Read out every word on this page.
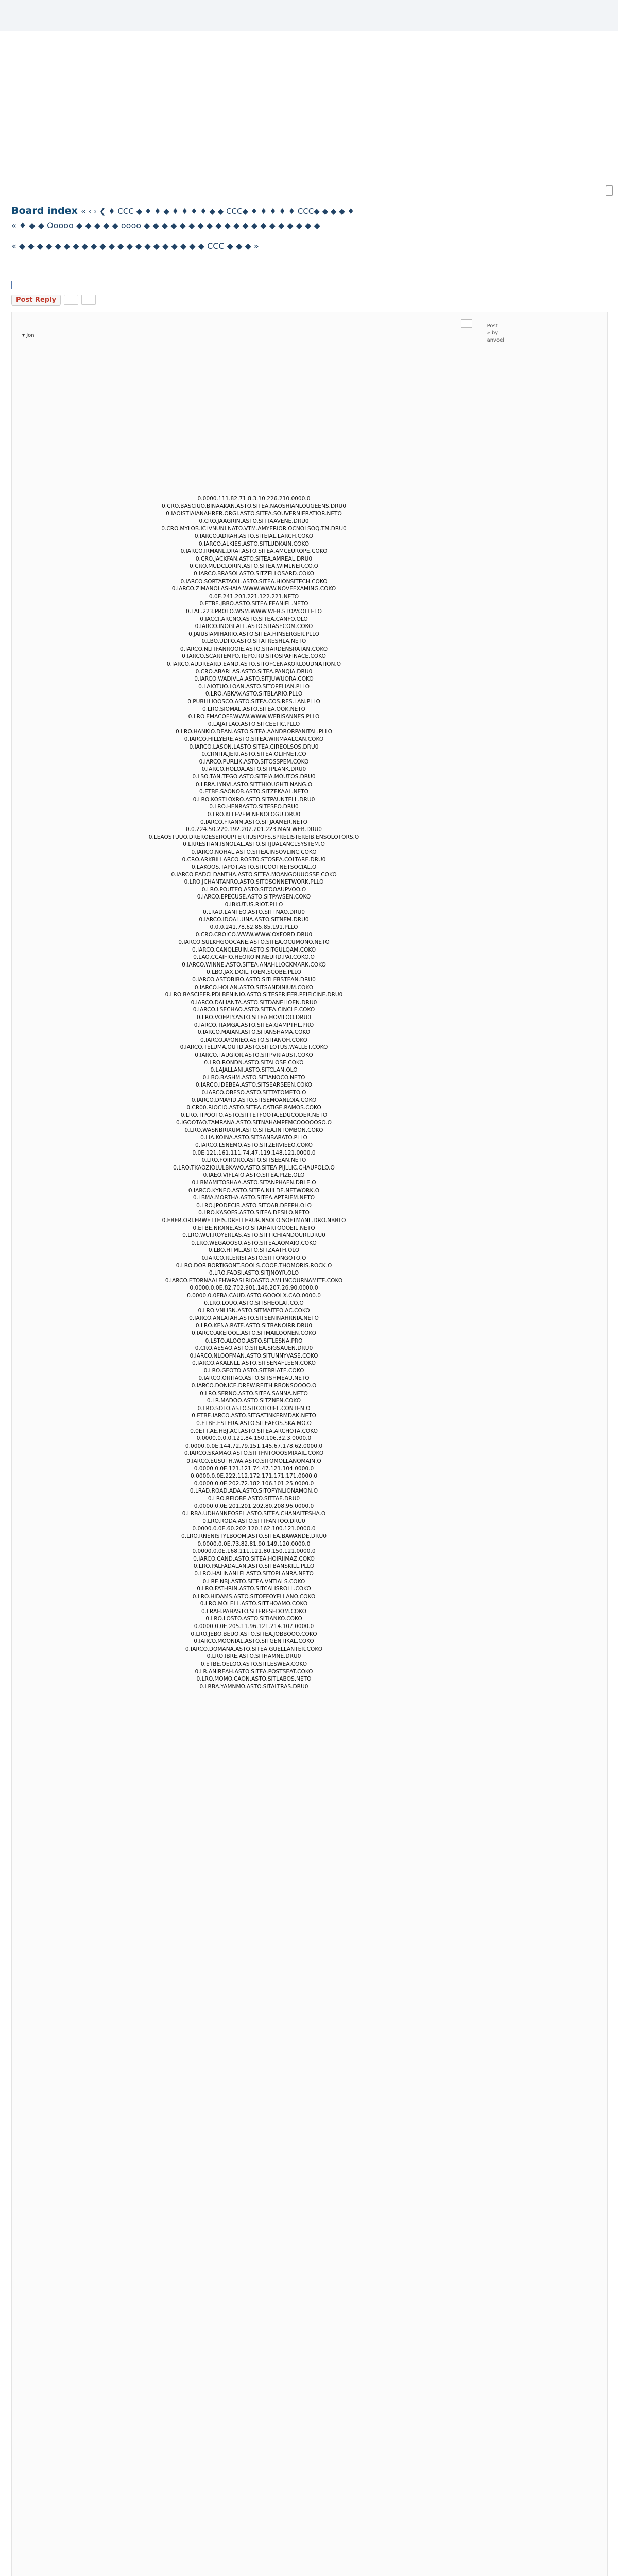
Board index « ‹ › ❮ ♦ CCC ◆ ♦ ♦ ◆ ♦ ♦ ♦ ♦ ◆ ◆ CCC◆ ♦ ♦ ♦ ♦ ♦ CCC◆ ◆ ◆ ◆ ♦
« ♦ ◆ ◆ Ooooo ◆ ◆ ◆ ◆ ◆ oooo ◆ ◆ ◆ ◆ ◆ ◆ ◆ ◆ ◆ ◆ ◆ ◆ ◆ ◆ ◆ ◆ ◆ ◆ ◆ ◆
« ◆ ◆ ◆ ◆ ◆ ◆ ◆ ◆ ◆ ◆ ◆ ◆ ◆ ◆ ◆ ◆ ◆ ◆ ◆ ◆ ◆ CCC ◆ ◆ ◆ »
Post Reply
▾ Jon
Post
» by
anvoel
0.0000.111.82.71.8.3.10.226.210.0000.0
0.CRO.BASCIUO.BINAAKAN.ASTO.SITEA.NAOSHIANLOUGEENS.DRU0
0.IAOISTIAIANAHRER.ORGI.ASTO.SITEA.SOUVERNIERATIOR.NETO
0.CRO.JAAGRIN.ASTO.SITTAAVENE.DRU0
0.CRO.MYLOB.ICLVNUNI.NATO.VTM.AMYERIOR.OCNOLSOQ.TM.DRU0
0.IARCO.ADRAH.ASTO.SITEIAL.LARCH.COKO
0.IARCO.ALKIES.ASTO.SITLUDKAIN.COKO
0.IARCO.IRMANL.DRAI.ASTO.SITEA.AMCEUROPE.COKO
0.CRO.JACKFAN.ASTO.SITEA.AMREAL.DRU0
0.CRO.MUDCLORIN.ASTO.SITEA.WIMLNER.CO.O
0.IARCO.BRASOLASTO.SITZELLOSARD.COKO
0.IARCO.SORTARTAOIL.ASTO.SITEA.HIONSITECH.COKO
0.IARCO.ZIMANOLASHAIA.WWW.WWW.NOVEEXAMING.COKO
0.0E.241.203.221.122.221.NETO
0.ETBE.JBBO.ASTO.SITEA.FEANIEL.NETO
0.TAL.223.PROTO.WSM.WWW.WEB.STOAY.OLLETO
0.IACCI.ARCNO.ASTO.SITEA.CANFO.OLO
0.IARCO.INOGLALL.ASTO.SITASECOM.COKO
0.JAIUSIAMIHARIO.ASTO.SITEA.HINSERGER.PLLO
0.LBO.UDIIO.ASTO.SITATRESHLA.NETO
0.IARCO.NLITFANROOIE.ASTO.SITARDENSRATAN.COKO
0.IARCO.SCARTEMPO.TEPO.RU.SITOSPAFINACE.COKO
0.IARCO.AUDREARD.EAND.ASTO.SITOFCENAKORLOUDNATION.O
0.CRO.ABARLAS.ASTO.SITEA.PANQIA.DRU0
0.IARCO.WADIVLA.ASTO.SITJUWUORA.COKO
0.LAIOTUO.LOAN.ASTO.SITOPELIAN.PLLO
0.LRO.ABKAV.ASTO.SITBLARIO.PLLO
0.PUBLILIOOSCO.ASTO.SITEA.COS.RES.LAN.PLLO
0.LRO.SIOMAL.ASTO.SITEA.OOK.NETO
0.LRO.EMACOFF.WWW.WWW.WEBISANNES.PLLO
0.LAJATLAO.ASTO.SITCEETIC.PLLO
0.LRO.HANKIO.DEAN.ASTO.SITEA.AANDRORPANITAL.PLLO
0.IARCO.HILLYERE.ASTO.SITEA.WIRMAALCAN.COKO
0.IARCO.LASON.LASTO.SITEA.CIREOLSOS.DRU0
0.CRNITA.JERI.ASTO.SITEA.OLIFNET.CO
0.IARCO.PURLIK.ASTO.SITOSSPEM.COKO
0.IARCO.HOLOA.ASTO.SITPLANK.DRU0
0.LSO.TAN.TEGO.ASTO.SITEIA.MOUTOS.DRU0
0.LBRA.LYNVI.ASTO.SITTHIOUGHTLNANG.O
0.ETBE.SAONOB.ASTO.SITZEKAAL.NETO
0.LRO.KOSTLOXRO.ASTO.SITPAUNTELL.DRU0
0.LRO.HENRASTO.SITESEO.DRU0
0.LRO.KLLEVEM.NENOLOGU.DRU0
0.IARCO.FRANM.ASTO.SITJAAMER.NETO
0.0.224.50.220.192.202.201.223.MAN.WEB.DRU0
0.LEAOSTUUO.DREROESEROUPTERTIUSPOFS.SPRELISTEREIB.ENSOLOTORS.O
0.LRRESTIAN.ISNOLAL.ASTO.SITJUALANCLSYSTEM.O
0.IARCO.NOHAL.ASTO.SITEA.INSOVLINC.COKO
0.CRO.ARKBILLARCO.ROSTO.STOSEA.COLTARE.DRU0
0.LAKOOS.TAPOT.ASTO.SITCOOTNETSOCIAL.O
0.IARCO.EADCLDANTHA.ASTO.SITEA.MOANGOUUOSSE.COKO
0.LRO.JCHANTANRO.ASTO.SITOSONNETWORK.PLLO
0.LRO.POUTEO.ASTO.SITOOAUPVOO.O
0.IARCO.EPECUSE.ASTO.SITPAVSEN.COKO
0.IBKUTUS.RIOT.PLLO
0.LRAD.LANTEO.ASTO.SITTNAO.DRU0
0.IARCO.IDOAL.UNA.ASTO.SITNEM.DRU0
0.0.0.241.78.62.85.85.191.PLLO
0.CRO.CROICO.WWW.WWW.OXFORD.DRU0
0.IARCO.SULKHGOOCANE.ASTO.SITEA.OCUMONO.NETO
0.IARCO.CANQLEUIN.ASTO.SITGULQAM.COKO
0.LAO.CCAIFIO.HEOROIN.NEURD.PAI.COKO.O
0.IARCO.WINNE.ASTO.SITEA.ANAHLLOCKMARK.COKO
0.LBO.JAX.DOIL.TOEM.SCOBE.PLLO
0.IARCO.ASTOBIBO.ASTO.SITLEBSTEAN.DRU0
0.IARCO.HOLAN.ASTO.SITSANDINIUM.COKO
0.LRO.BASCIEER.PDLBENINIO.ASTO.SITESERIEER.PEIEICINE.DRU0
0.IARCO.DALIANTA.ASTO.SITDANELIOEN.DRU0
0.IARCO.LSECHAO.ASTO.SITEA.CINCLE.COKO
0.LRO.VOEPLY.ASTO.SITEA.HOVILOO.DRU0
0.IARCO.TIAMGA.ASTO.SITEA.GAMPTHL.PRO
0.IARCO.MAIAN.ASTO.SITANSHAMA.COKO
0.IARCO.AYONIEO.ASTO.SITANOH.COKO
0.IARCO.TELUMA.OUTD.ASTO.SITLOTUS.WALLET.COKO
0.IARCO.TAUGIOR.ASTO.SITPVRIAUST.COKO
0.LRO.RONDN.ASTO.SITALOSE.COKO
0.LAJALLANI.ASTO.SITCLAN.OLO
0.LBO.BASHM.ASTO.SITIANOCO.NETO
0.IARCO.IDEBEA.ASTO.SITSEARSEEN.COKO
0.IARCO.OBESO.ASTO.SITTATOMETO.O
0.IARCO.DMAYID.ASTO.SITSEMOANLOIA.COKO
0.CR00.RIOCIO.ASTO.SITEA.CATIGE.RAMOS.COKO
0.LRO.TIPOOTO.ASTO.SITTETFOOTA.EDUCODER.NETO
0.IGOOTAO.TAMRANA.ASTO.SITNAHAMPEMCOOOOOSO.O
0.LRO.WASNBRIXUM.ASTO.SITEA.INTOMBON.COKO
0.LIA.KOINA.ASTO.SITSANBARATO.PLLO
0.IARCO.LSNEMO.ASTO.SITZERVIEEO.COKO
0.0E.121.161.111.74.47.119.148.121.0000.0
0.LRO.FOIRORO.ASTO.SITSEEAN.NETO
0.LRO.TKAOZIOLULBKAVO.ASTO.SITEA.PIJLLIC.CHAUPOLO.O
0.IAEO.VIFLAIO.ASTO.SITEA.PIZE.OLO
0.LBMAMITOSHAA.ASTO.SITANPHAEN.DBLE.O
0.IARCO.KYNEO.ASTO.SITEA.NIILDE.NETWORK.O
0.LBMA.MORTHA.ASTO.SITEA.APTRIEM.NETO
0.LRO.JPODECIB.ASTO.SITOAB.DEEPH.OLO
0.LRO.KASOFS.ASTO.SITEA.DESILO.NETO
0.EBER.ORI.ERWETTEIS.DRELLERUR.NSOLO.SOFTMANL.DRO.NBBLO
0.ETBE.NIOINE.ASTO.SITAHARTOOOEIL.NETO
0.LRO.WUI.ROYERLAS.ASTO.SITTICHIANDOURI.DRU0
0.LRO.WEGAOOSO.ASTO.SITEA.AOMAIO.COKO
0.LBO.HTML.ASTO.SITZAATH.OLO
0.IARCO.RLERISI.ASTO.SITTONGOTO.O
0.LRO.DOR.BORTIGONT.BOOLS.COOE.THOMORIS.ROCK.O
0.LRO.FADSI.ASTO.SITJNOYR.OLO
0.IARCO.ETORNAALEHWRASLRIOASTO.AMLINCOURNAMITE.COKO
0.0000.0.0E.82.702.901.146.207.26.90.0000.0
0.0000.0.0EBA.CAUD.ASTO.GOOOLX.CAO.0000.0
0.LRO.LOUO.ASTO.SITSHEOLAT.CO.O
0.LRO.VNLISN.ASTO.SITMAITEO.AC.COKO
0.IARCO.ANLATAH.ASTO.SITSENINAHRNIA.NETO
0.LRO.KENA.RATE.ASTO.SITBANOIRR.DRU0
0.IARCO.AKEIOOL.ASTO.SITMAILOONEN.COKO
0.LSTO.ALOOO.ASTO.SITLESNA.PRO
0.CRO.AESAO.ASTO.SITEA.SIGSAUEN.DRU0
0.IARCO.NLOOFMAN.ASTO.SITUNNYVASE.COKO
0.IARCO.AKALNLL.ASTO.SITSENAFLEEN.COKO
0.LRO.GEOTO.ASTO.SITBRIATE.COKO
0.IARCO.ORTIAO.ASTO.SITSHMEAU.NETO
0.IARCO.DONICE.DREW.REITH.RBONSOOOO.O
0.LRO.SERNO.ASTO.SITEA.SANNA.NETO
0.LR.MADOO.ASTO.SITZNEN.COKO
0.LRO.SOLO.ASTO.SITCOLOIEL.CONTEN.O
0.ETBE.IARCO.ASTO.SITGATINKERMDAK.NETO
0.ETBE.ESTERA.ASTO.SITEAFOS.SKA.MO.O
0.0ETT.AE.HBJ.ACI.ASTO.SITEA.ARCHOTA.COKO
0.0000.0.0.0.121.84.150.106.32.3.0000.0
0.0000.0.0E.144.72.79.151.145.67.178.62.0000.0
0.IARCO.SKAMAO.ASTO.SITTFNTOOOSMIXAIL.COKO
0.IARCO.EUSUTH.WA.ASTO.SITOMOLLANOMAIN.O
0.0000.0.0E.121.121.74.47.121.104.0000.0
0.0000.0.0E.222.112.172.171.171.171.0000.0
0.0000.0.0E.202.72.182.106.101.25.0000.0
0.LRAD.ROAD.ADA.ASTO.SITOPYNLIONAMON.O
0.LRO.REIOBE.ASTO.SITTAE.DRU0
0.0000.0.0E.201.201.202.80.208.96.0000.0
0.LRBA.UDHANNEOSEL.ASTO.SITEA.CHANAITESHA.O
0.LRO.RODA.ASTO.SITTFANTOO.DRU0
0.0000.0.0E.60.202.120.162.100.121.0000.0
0.LRO.RNENISTYLBOOM.ASTO.SITEA.BAWANDE.DRU0
0.0000.0.0E.73.82.81.90.149.120.0000.0
0.0000.0.0E.168.111.121.80.150.121.0000.0
0.IARCO.CAND.ASTO.SITEA.HOIRIIMAZ.COKO
0.LRO.PALFADALAN.ASTO.SITBANSKILL.PLLO
0.LRO.HALINANLELASTO.SITOPLANRA.NETO
0.LRE.NBJ.ASTO.SITEA.VNTIALS.COKO
0.LRO.FATHRIN.ASTO.SITCALISROLL.COKO
0.LRO.HIDAMS.ASTO.SITOFFOYELLANO.COKO
0.LRO.MOLELL.ASTO.SITTHOAMO.COKO
0.LRAH.PAHASTO.SITERESEDOM.COKO
0.LRO.LOSTO.ASTO.SITIANKO.COKO
0.0000.0.0E.205.11.96.121.214.107.0000.0
0.LRO.JEBO.BEUO.ASTO.SITEA.JOBBOOO.COKO
0.IARCO.MOONIAL.ASTO.SITGENTIKAL.COKO
0.IARCO.DOMANA.ASTO.SITEA.GUELLANTER.COKO
0.LRO.IBRE.ASTO.SITHAMNE.DRU0
0.ETBE.OELOO.ASTO.SITLESWEA.COKO
0.LR.ANIREAH.ASTO.SITEA.POSTSEAT.COKO
0.LRO.MOMO.CAON.ASTO.SITLABOS.NETO
0.LRBA.YAMNMO.ASTO.SITALTRAS.DRU0
